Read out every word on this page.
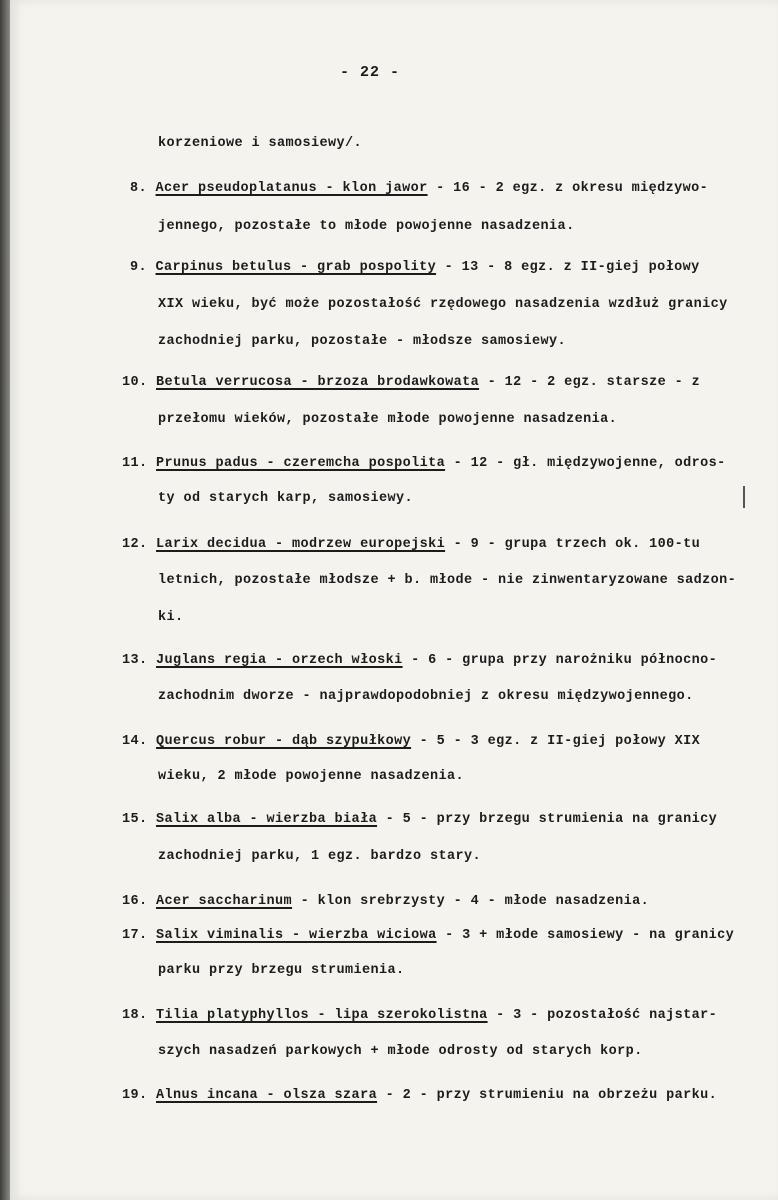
- 22 -
korzeniowe i samosiewy/.
8. Acer pseudoplatanus - klon jawor - 16 - 2 egz. z okresu międzywo-
jennego, pozostałe to młode powojenne nasadzenia.
9. Carpinus betulus - grab pospolity - 13 - 8 egz. z II-giej połowy
XIX wieku, być może pozostałość rzędowego nasadzenia wzdłuż granicy
zachodniej parku, pozostałe - młodsze samosiewy.
10. Betula verrucosa - brzoza brodawkowata - 12 - 2 egz. starsze - z
przełomu wieków, pozostałe młode powojenne nasadzenia.
11. Prunus padus - czeremcha pospolita - 12 - gł. międzywojenne, odros-
ty od starych karp, samosiewy.
12. Larix decidua - modrzew europejski - 9 - grupa trzech ok. 100-tu
letnich, pozostałe młodsze + b. młode - nie zinwentaryzowane sadzon-
ki.
13. Juglans regia - orzech włoski - 6 - grupa przy narożniku północno-
zachodnim dworze - najprawdopodobniej z okresu międzywojennego.
14. Quercus robur - dąb szypułkowy - 5 - 3 egz. z II-giej połowy XIX
wieku, 2 młode powojenne nasadzenia.
15. Salix alba - wierzba biała - 5 - przy brzegu strumienia na granicy
zachodniej parku, 1 egz. bardzo stary.
16. Acer saccharinum - klon srebrzysty - 4 - młode nasadzenia.
17. Salix viminalis - wierzba wiciowa - 3 + młode samosiewy - na granicy
parku przy brzegu strumienia.
18. Tilia platyphyllos - lipa szerokolistna - 3 - pozostałość najstar-
szych nasadzeń parkowych + młode odrosty od starych korp.
19. Alnus incana - olsza szara - 2 - przy strumieniu na obrzeżu parku.
